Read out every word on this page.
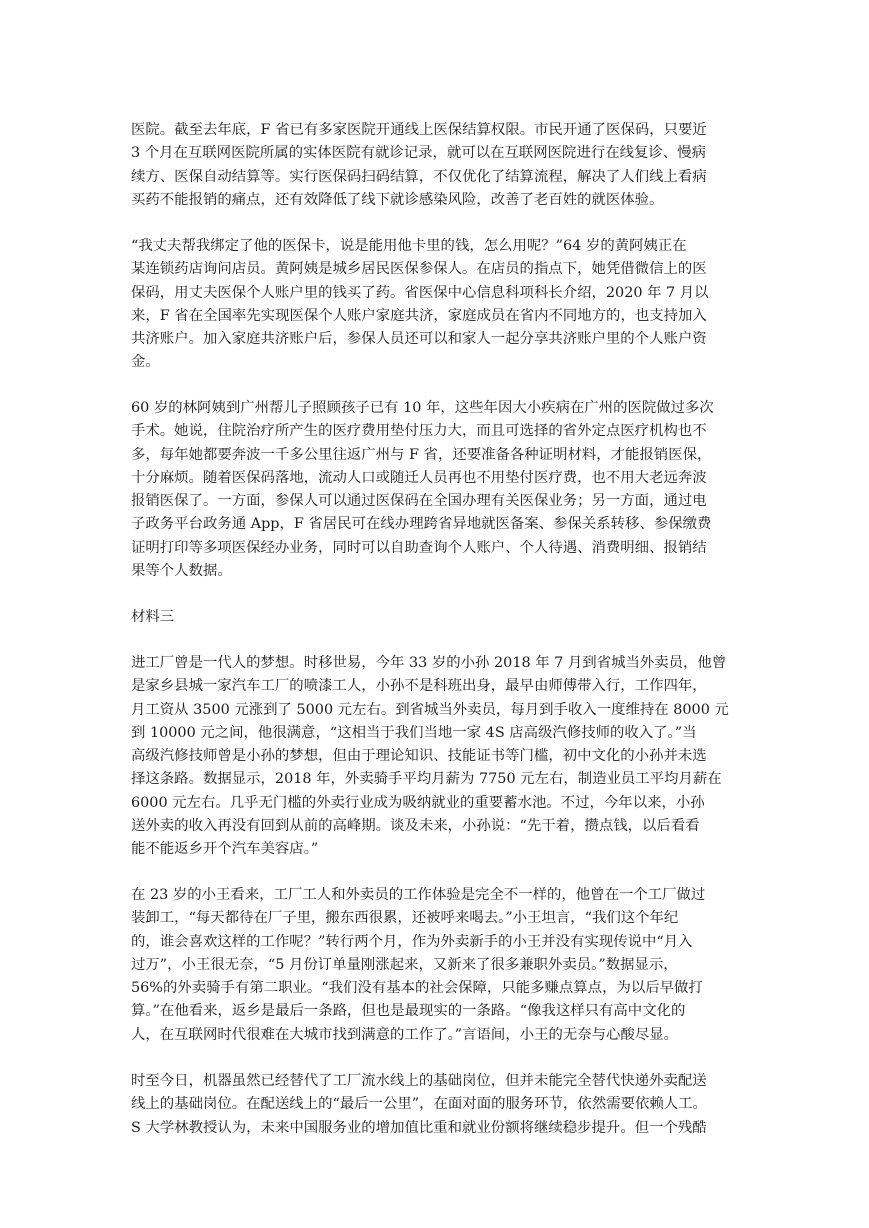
医院。截至去年底，F 省已有多家医院开通线上医保结算权限。市民开通了医保码，只要近
3 个月在互联网医院所属的实体医院有就诊记录，就可以在互联网医院进行在线复诊、慢病
续方、医保自动结算等。实行医保码扫码结算，不仅优化了结算流程，解决了人们线上看病
买药不能报销的痛点，还有效降低了线下就诊感染风险，改善了老百姓的就医体验。
“我丈夫帮我绑定了他的医保卡，说是能用他卡里的钱，怎么用呢？”64 岁的黄阿姨正在
某连锁药店询问店员。黄阿姨是城乡居民医保参保人。在店员的指点下，她凭借微信上的医
保码，用丈夫医保个人账户里的钱买了药。省医保中心信息科项科长介绍，2020 年 7 月以
来，F 省在全国率先实现医保个人账户家庭共济，家庭成员在省内不同地方的，也支持加入
共济账户。加入家庭共济账户后，参保人员还可以和家人一起分享共济账户里的个人账户资
金。
60 岁的林阿姨到广州帮儿子照顾孩子已有 10 年，这些年因大小疾病在广州的医院做过多次
手术。她说，住院治疗所产生的医疗费用垫付压力大，而且可选择的省外定点医疗机构也不
多，每年她都要奔波一千多公里往返广州与 F 省，还要准备各种证明材料，才能报销医保，
十分麻烦。随着医保码落地，流动人口或随迁人员再也不用垫付医疗费，也不用大老远奔波
报销医保了。一方面，参保人可以通过医保码在全国办理有关医保业务；另一方面，通过电
子政务平台政务通 App，F 省居民可在线办理跨省异地就医备案、参保关系转移、参保缴费
证明打印等多项医保经办业务，同时可以自助查询个人账户、个人待遇、消费明细、报销结
果等个人数据。
材料三
进工厂曾是一代人的梦想。时移世易，今年 33 岁的小孙 2018 年 7 月到省城当外卖员，他曾
是家乡县城一家汽车工厂的喷漆工人，小孙不是科班出身，最早由师傅带入行，工作四年，
月工资从 3500 元涨到了 5000 元左右。到省城当外卖员，每月到手收入一度维持在 8000 元
到 10000 元之间，他很满意，“这相当于我们当地一家 4S 店高级汽修技师的收入了。”当
高级汽修技师曾是小孙的梦想，但由于理论知识、技能证书等门槛，初中文化的小孙并未选
择这条路。数据显示，2018 年，外卖骑手平均月薪为 7750 元左右，制造业员工平均月薪在
6000 元左右。几乎无门槛的外卖行业成为吸纳就业的重要蓄水池。不过，今年以来，小孙
送外卖的收入再没有回到从前的高峰期。谈及未来，小孙说：“先干着，攒点钱，以后看看
能不能返乡开个汽车美容店。”
在 23 岁的小王看来，工厂工人和外卖员的工作体验是完全不一样的，他曾在一个工厂做过
装卸工，“每天都待在厂子里，搬东西很累，还被呼来喝去。”小王坦言，“我们这个年纪
的，谁会喜欢这样的工作呢？”转行两个月，作为外卖新手的小王并没有实现传说中“月入
过万”，小王很无奈，“5 月份订单量刚涨起来，又新来了很多兼职外卖员。”数据显示，
56%的外卖骑手有第二职业。“我们没有基本的社会保障，只能多赚点算点，为以后早做打
算。”在他看来，返乡是最后一条路，但也是最现实的一条路。“像我这样只有高中文化的
人，在互联网时代很难在大城市找到满意的工作了。”言语间，小王的无奈与心酸尽显。
时至今日，机器虽然已经替代了工厂流水线上的基础岗位，但并未能完全替代快递外卖配送
线上的基础岗位。在配送线上的“最后一公里”，在面对面的服务环节，依然需要依赖人工。
S 大学林教授认为，未来中国服务业的增加值比重和就业份额将继续稳步提升。但一个残酷
